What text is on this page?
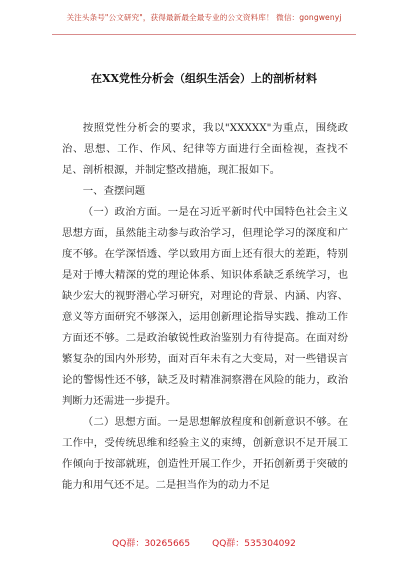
关注头条号"公文研究"，获得最新最全最专业的公文资料库！ 微信：gongwenyj
在XX党性分析会（组织生活会）上的剖析材料

按照党性分析会的要求，我以"XXXXX"为重点，围绕政治、思想、工作、作风、纪律等方面进行全面检视，查找不足、剖析根源，并制定整改措施，现汇报如下。

一、查摆问题

（一）政治方面。一是在习近平新时代中国特色社会主义思想方面，虽然能主动参与政治学习，但理论学习的深度和广度不够。在学深悟透、学以致用方面上还有很大的差距，特别是对于博大精深的党的理论体系、知识体系缺乏系统学习，也缺少宏大的视野潜心学习研究，对理论的背景、内涵、内容、意义等方面研究不够深入，运用创新理论指导实践、推动工作方面还不够。二是政治敏锐性政治鉴别力有待提高。在面对纷繁复杂的国内外形势，面对百年未有之大变局，对一些错误言论的警惕性还不够，缺乏及时精准洞察潜在风险的能力，政治判断力还需进一步提升。

（二）思想方面。一是思想解放程度和创新意识不够。在工作中，受传统思维和经验主义的束缚，创新意识不足开展工作倾向于按部就班，创造性开展工作少，开拓创新勇于突破的能力和用气还不足。二是担当作为的动力不足

QQ群：30265665 QQ群：535304092
